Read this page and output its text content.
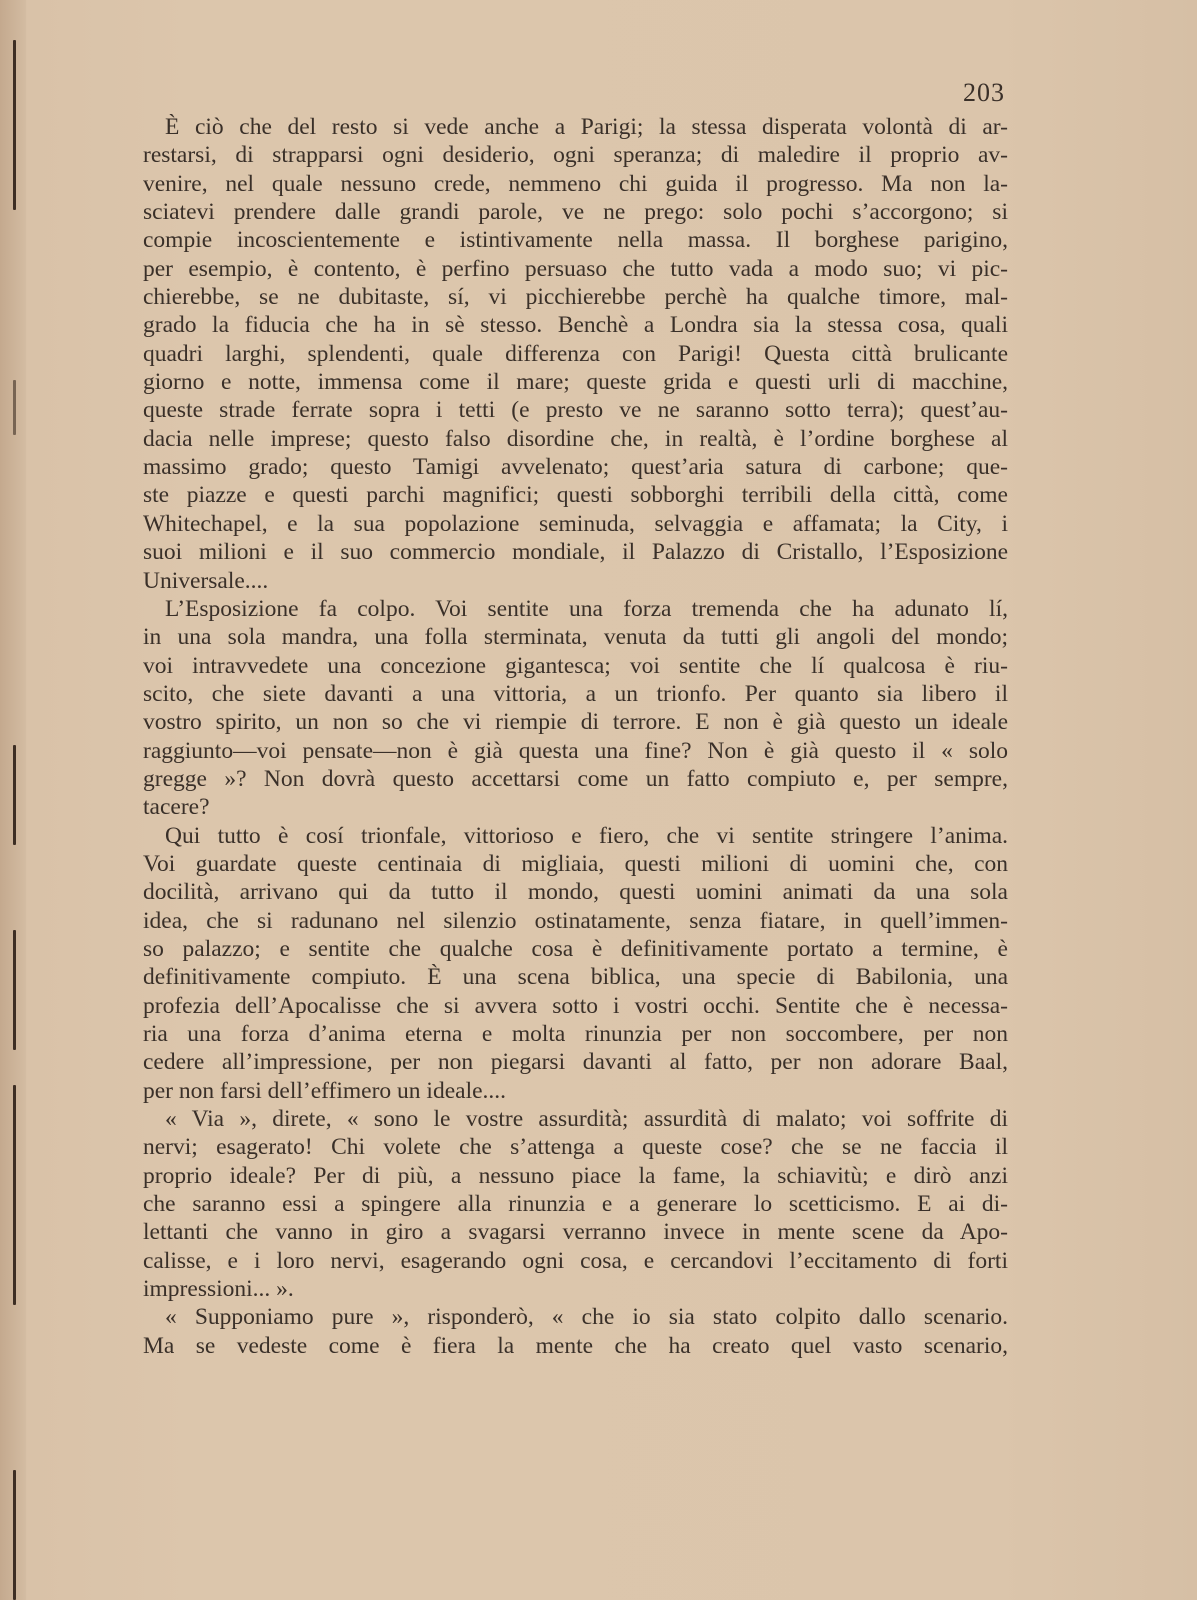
203
È ciò che del resto si vede anche a Parigi; la stessa disperata volontà di ar-
restarsi, di strapparsi ogni desiderio, ogni speranza; di maledire il proprio av-
venire, nel quale nessuno crede, nemmeno chi guida il progresso. Ma non la-
sciatevi prendere dalle grandi parole, ve ne prego: solo pochi s’accorgono; si
compie incoscientemente e istintivamente nella massa. Il borghese parigino,
per esempio, è contento, è perfino persuaso che tutto vada a modo suo; vi pic-
chierebbe, se ne dubitaste, sí, vi picchierebbe perchè ha qualche timore, mal-
grado la fiducia che ha in sè stesso. Benchè a Londra sia la stessa cosa, quali
quadri larghi, splendenti, quale differenza con Parigi! Questa città brulicante
giorno e notte, immensa come il mare; queste grida e questi urli di macchine,
queste strade ferrate sopra i tetti (e presto ve ne saranno sotto terra); quest’au-
dacia nelle imprese; questo falso disordine che, in realtà, è l’ordine borghese al
massimo grado; questo Tamigi avvelenato; quest’aria satura di carbone; que-
ste piazze e questi parchi magnifici; questi sobborghi terribili della città, come
Whitechapel, e la sua popolazione seminuda, selvaggia e affamata; la City, i
suoi milioni e il suo commercio mondiale, il Palazzo di Cristallo, l’Esposizione
Universale....
L’Esposizione fa colpo. Voi sentite una forza tremenda che ha adunato lí,
in una sola mandra, una folla sterminata, venuta da tutti gli angoli del mondo;
voi intravvedete una concezione gigantesca; voi sentite che lí qualcosa è riu-
scito, che siete davanti a una vittoria, a un trionfo. Per quanto sia libero il
vostro spirito, un non so che vi riempie di terrore. E non è già questo un ideale
raggiunto—voi pensate—non è già questa una fine? Non è già questo il « solo
gregge »? Non dovrà questo accettarsi come un fatto compiuto e, per sempre,
tacere?
Qui tutto è cosí trionfale, vittorioso e fiero, che vi sentite stringere l’anima.
Voi guardate queste centinaia di migliaia, questi milioni di uomini che, con
docilità, arrivano qui da tutto il mondo, questi uomini animati da una sola
idea, che si radunano nel silenzio ostinatamente, senza fiatare, in quell’immen-
so palazzo; e sentite che qualche cosa è definitivamente portato a termine, è
definitivamente compiuto. È una scena biblica, una specie di Babilonia, una
profezia dell’Apocalisse che si avvera sotto i vostri occhi. Sentite che è necessa-
ria una forza d’anima eterna e molta rinunzia per non soccombere, per non
cedere all’impressione, per non piegarsi davanti al fatto, per non adorare Baal,
per non farsi dell’effimero un ideale....
« Via », direte, « sono le vostre assurdità; assurdità di malato; voi soffrite di
nervi; esagerato! Chi volete che s’attenga a queste cose? che se ne faccia il
proprio ideale? Per di più, a nessuno piace la fame, la schiavitù; e dirò anzi
che saranno essi a spingere alla rinunzia e a generare lo scetticismo. E ai di-
lettanti che vanno in giro a svagarsi verranno invece in mente scene da Apo-
calisse, e i loro nervi, esagerando ogni cosa, e cercandovi l’eccitamento di forti
impressioni... ».
« Supponiamo pure », risponderò, « che io sia stato colpito dallo scenario.
Ma se vedeste come è fiera la mente che ha creato quel vasto scenario,
